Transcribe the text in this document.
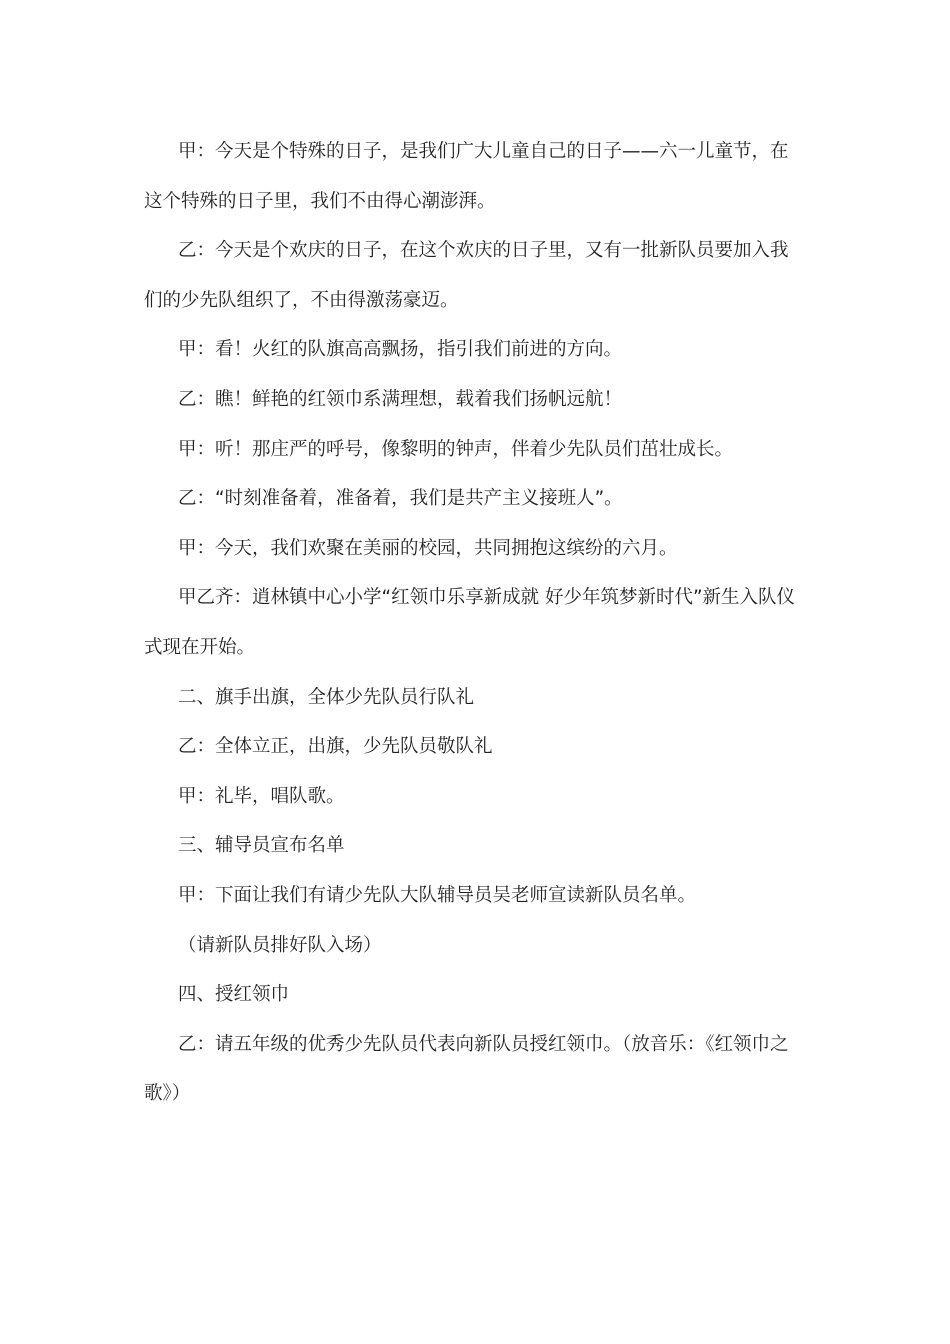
甲：今天是个特殊的日子，是我们广大儿童自己的日子——六一儿童节，在这个特殊的日子里，我们不由得心潮澎湃。

乙：今天是个欢庆的日子，在这个欢庆的日子里，又有一批新队员要加入我们的少先队组织了，不由得激荡豪迈。

甲：看！火红的队旗高高飘扬，指引我们前进的方向。

乙：瞧！鲜艳的红领巾系满理想，载着我们扬帆远航！

甲：听！那庄严的呼号，像黎明的钟声，伴着少先队员们茁壮成长。

乙：“时刻准备着，准备着，我们是共产主义接班人”。

甲：今天，我们欢聚在美丽的校园，共同拥抱这缤纷的六月。

甲乙齐：逍林镇中心小学“红领巾乐享新成就 好少年筑梦新时代”新生入队仪式现在开始。

二、旗手出旗，全体少先队员行队礼

乙：全体立正，出旗，少先队员敬队礼

甲：礼毕，唱队歌。

三、辅导员宣布名单

甲：下面让我们有请少先队大队辅导员吴老师宣读新队员名单。

（请新队员排好队入场）

四、授红领巾

乙：请五年级的优秀少先队员代表向新队员授红领巾。（放音乐：《红领巾之歌》）
